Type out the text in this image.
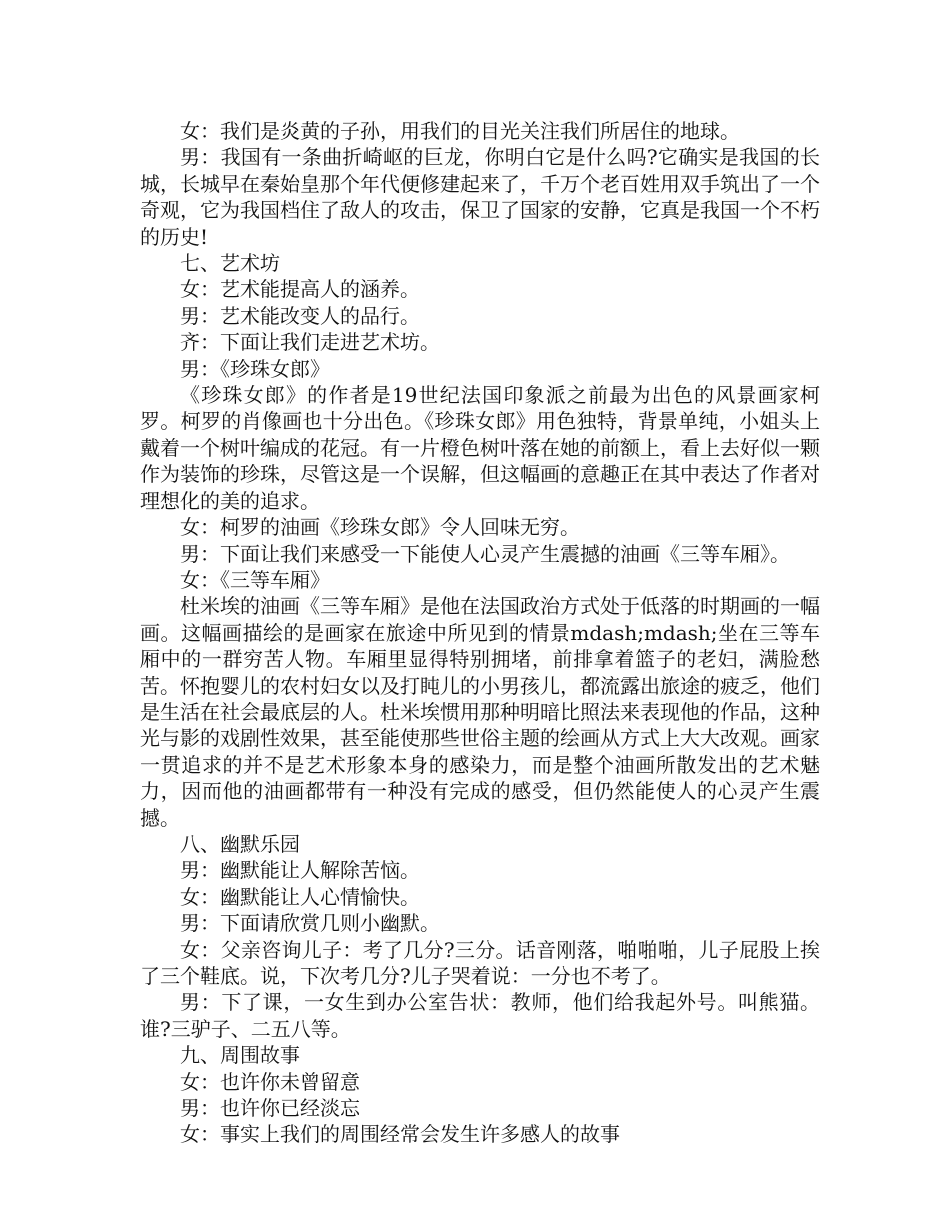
女：我们是炎黄的子孙，用我们的目光关注我们所居住的地球。

男：我国有一条曲折崎岖的巨龙，你明白它是什么吗?它确实是我国的长城，长城早在秦始皇那个年代便修建起来了，千万个老百姓用双手筑出了一个奇观，它为我国档住了敌人的攻击，保卫了国家的安静，它真是我国一个不朽的历史!

七、艺术坊

女：艺术能提高人的涵养。

男：艺术能改变人的品行。

齐：下面让我们走进艺术坊。

男：《珍珠女郎》

《珍珠女郎》的作者是19世纪法国印象派之前最为出色的风景画家柯罗。柯罗的肖像画也十分出色。《珍珠女郎》用色独特，背景单纯，小姐头上戴着一个树叶编成的花冠。有一片橙色树叶落在她的前额上，看上去好似一颗作为装饰的珍珠，尽管这是一个误解，但这幅画的意趣正在其中表达了作者对理想化的美的追求。

女：柯罗的油画《珍珠女郎》令人回味无穷。

男：下面让我们来感受一下能使人心灵产生震撼的油画《三等车厢》。

女：《三等车厢》

杜米埃的油画《三等车厢》是他在法国政治方式处于低落的时期画的一幅画。这幅画描绘的是画家在旅途中所见到的情景mdash;mdash;坐在三等车厢中的一群穷苦人物。车厢里显得特别拥堵，前排拿着篮子的老妇，满脸愁苦。怀抱婴儿的农村妇女以及打盹儿的小男孩儿，都流露出旅途的疲乏，他们是生活在社会最底层的人。杜米埃惯用那种明暗比照法来表现他的作品，这种光与影的戏剧性效果，甚至能使那些世俗主题的绘画从方式上大大改观。画家一贯追求的并不是艺术形象本身的感染力，而是整个油画所散发出的艺术魅力，因而他的油画都带有一种没有完成的感受，但仍然能使人的心灵产生震撼。

八、幽默乐园

男：幽默能让人解除苦恼。

女：幽默能让人心情愉快。

男：下面请欣赏几则小幽默。

女：父亲咨询儿子：考了几分?三分。话音刚落，啪啪啪，儿子屁股上挨了三个鞋底。说，下次考几分?儿子哭着说：一分也不考了。

男：下了课，一女生到办公室告状：教师，他们给我起外号。叫熊猫。谁?三驴子、二五八等。

九、周围故事

女：也许你未曾留意

男：也许你已经淡忘

女：事实上我们的周围经常会发生许多感人的故事
